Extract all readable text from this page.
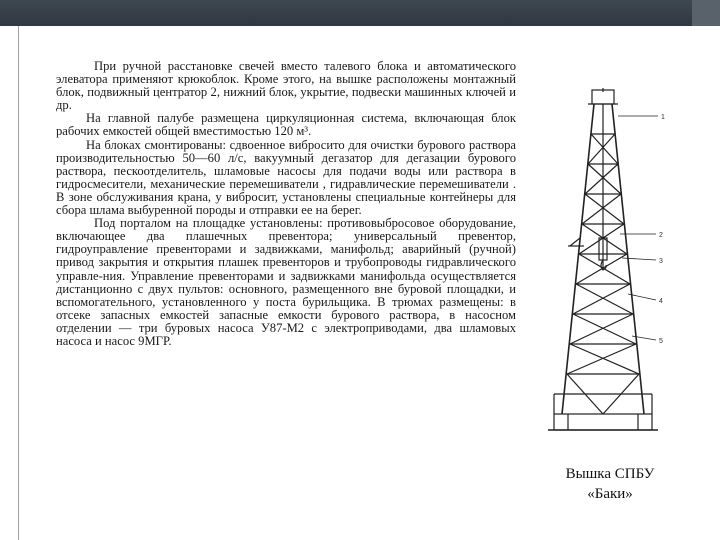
При ручной расстановке свечей вместо талевого блока и автоматического элеватора применяют крюкоблок. Кроме этого, на вышке расположены монтажный блок, подвижный центратор 2, нижний блок, укрытие, подвески машинных ключей и др.

На главной палубе размещена циркуляционная система, включающая блок рабочих емкостей общей вместимостью 120 м³.

На блоках смонтированы: сдвоенное вибросито для очистки бурового раствора производительностью 50—60 л/с, вакуумный дегазатор для дегазации бурового раствора, пескоотделитель, шламовые насосы для подачи воды или раствора в гидросмесители, механические перемешиватели , гидравлические перемешиватели . В зоне обслуживания крана, у вибросит, установлены специальные контейнеры для сбора шлама выбуренной породы и отправки ее на берег.

Под порталом на площадке установлены: противовыбросовое оборудование, включающее два плашечных превентора; универсальный превентор, гидроуправление превенторами и задвижками, манифольд; аварийный (ручной) привод закрытия и открытия плашек превенторов и трубопроводы гидравлического управле-ния. Управление превенторами и задвижками манифольда осуществляется дистанционно с двух пультов: основного, размещенного вне буровой площадки, и вспомогательного, установленного у поста бурильщика. В трюмах размещены: в отсеке запасных емкостей запасные емкости бурового раствора, в насосном отделении — три буровых насоса У87-М2 с электроприводами, два шламовых насоса и насос 9МГР.

1
2
3
4
5
Вышка СПБУ
«Баки»
